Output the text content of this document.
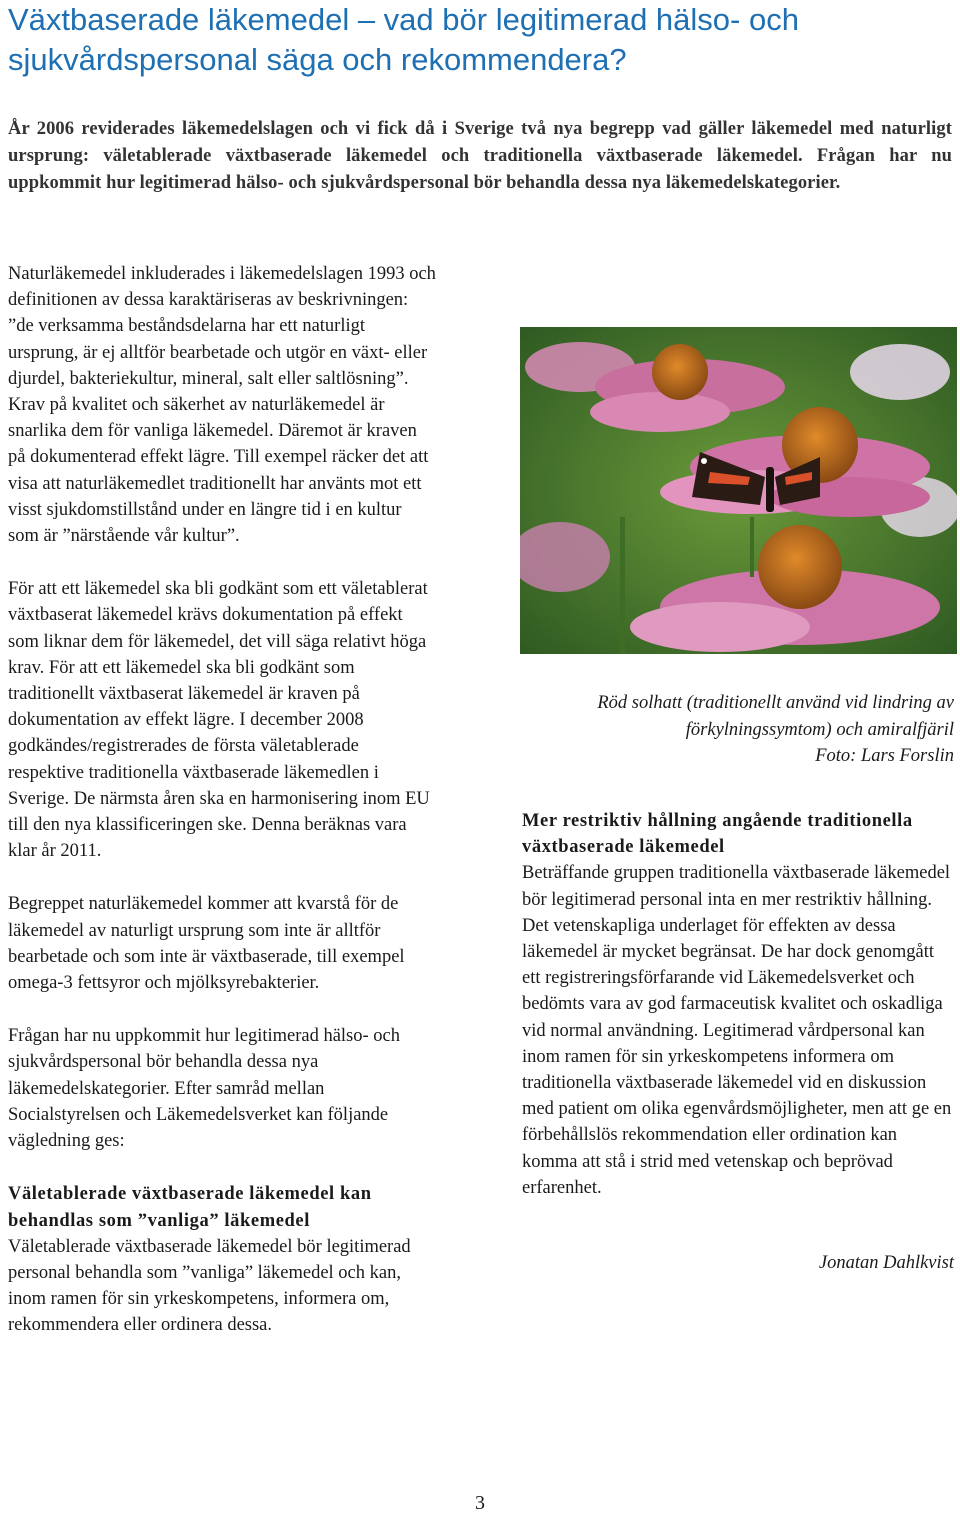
Växtbaserade läkemedel – vad bör legitimerad hälso- och sjukvårdspersonal säga och rekommendera?

År 2006 reviderades läkemedelslagen och vi fick då i Sverige två nya begrepp vad gäller läkemedel med naturligt ursprung: väletablerade växtbaserade läkemedel och traditionella växtbaserade läkemedel. Frågan har nu uppkommit hur legitimerad hälso- och sjukvårdspersonal bör behandla dessa nya läkemedelskategorier.

Naturläkemedel inkluderades i läkemedelslagen 1993 och definitionen av dessa karaktäriseras av beskrivningen: ”de verksamma beståndsdelarna har ett naturligt ursprung, är ej alltför bearbetade och utgör en växt- eller djurdel, bakteriekultur, mineral, salt eller saltlösning”. Krav på kvalitet och säkerhet av naturläkemedel är snarlika dem för vanliga läkemedel. Däremot är kraven på dokumenterad effekt lägre. Till exempel räcker det att visa att naturläkemedlet traditionellt har använts mot ett visst sjukdomstillstånd under en längre tid i en kultur som är ”närstående vår kultur”.

För att ett läkemedel ska bli godkänt som ett väletablerat växtbaserat läkemedel krävs dokumentation på effekt som liknar dem för läkemedel, det vill säga relativt höga krav. För att ett läkemedel ska bli godkänt som traditionellt växtbaserat läkemedel är kraven på dokumentation av effekt lägre. I december 2008 godkändes/registrerades de första väletablerade respektive traditionella växtbaserade läkemedlen i Sverige. De närmsta åren ska en harmonisering inom EU till den nya klassificeringen ske. Denna beräknas vara klar år 2011.

Begreppet naturläkemedel kommer att kvarstå för de läkemedel av naturligt ursprung som inte är alltför bearbetade och som inte är växtbaserade, till exempel omega-3 fettsyror och mjölksyrebakterier.

Frågan har nu uppkommit hur legitimerad hälso- och sjukvårdspersonal bör behandla dessa nya läkemedelskategorier. Efter samråd mellan Socialstyrelsen och Läkemedelsverket kan följande vägledning ges:

Väletablerade växtbaserade läkemedel kan behandlas som ”vanliga” läkemedel

Väletablerade växtbaserade läkemedel bör legitimerad personal behandla som ”vanliga” läkemedel och kan, inom ramen för sin yrkeskompetens, informera om, rekommendera eller ordinera dessa.

Röd solhatt (traditionellt använd vid lindring av
förkylningssymtom) och amiralfjäril
Foto: Lars Forslin
Mer restriktiv hållning angående traditionella växtbaserade läkemedel

Beträffande gruppen traditionella växtbaserade läkemedel bör legitimerad personal inta en mer restriktiv hållning. Det vetenskapliga underlaget för effekten av dessa läkemedel är mycket begränsat. De har dock genomgått ett registreringsförfarande vid Läkemedelsverket och bedömts vara av god farmaceutisk kvalitet och oskadliga vid normal användning. Legitimerad vårdpersonal kan inom ramen för sin yrkeskompetens informera om traditionella växtbaserade läkemedel vid en diskussion med patient om olika egenvårdsmöjligheter, men att ge en förbehållslös rekommendation eller ordination kan komma att stå i strid med vetenskap och beprövad erfarenhet.

Jonatan Dahlkvist
3
